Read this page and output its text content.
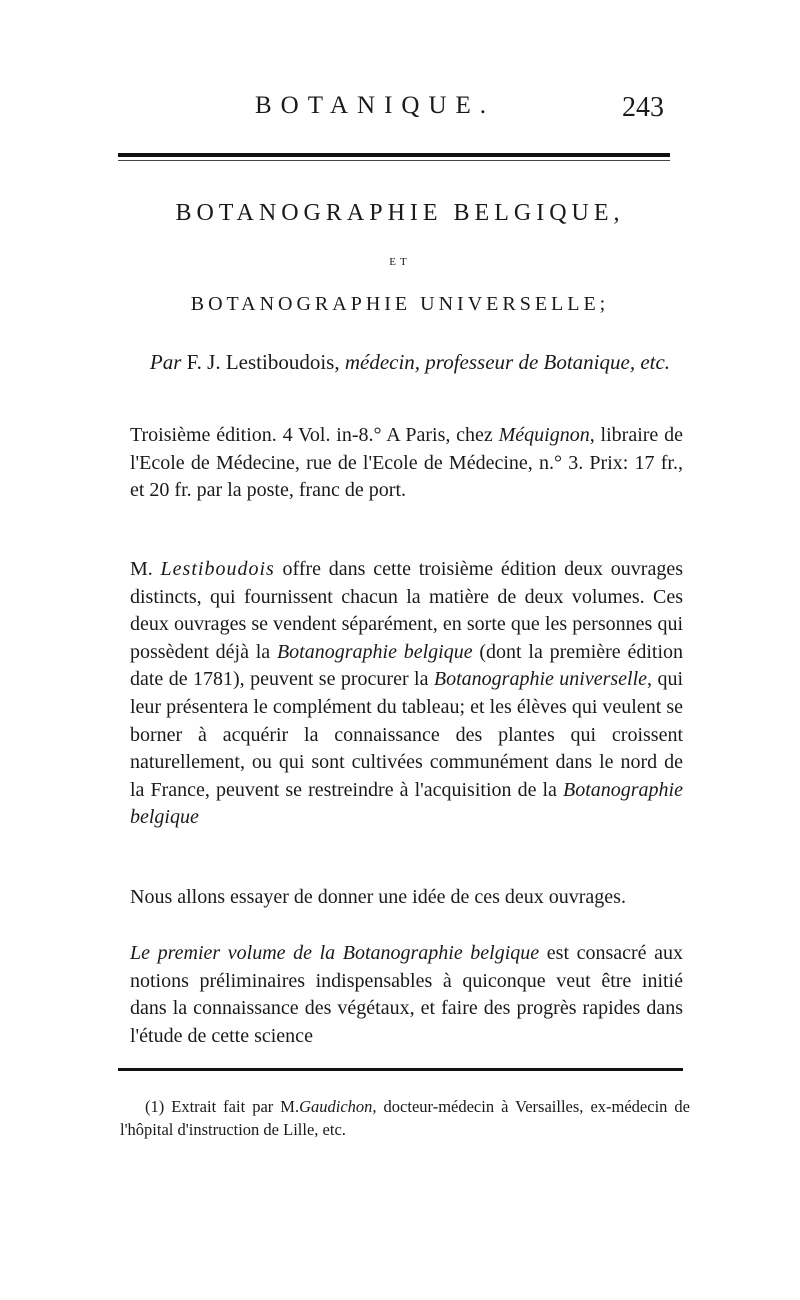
BOTANIQUE.	243
BOTANOGRAPHIE BELGIQUE,
ET
BOTANOGRAPHIE UNIVERSELLE;
Par F. J. Lestiboudois, médecin, professeur de Botanique, etc.
Troisième édition. 4 Vol. in-8.° A Paris, chez Méquignon, libraire de l'Ecole de Médecine, rue de l'Ecole de Médecine, n.° 3. Prix: 17 fr., et 20 fr. par la poste, franc de port.
M. Lestiboudois offre dans cette troisième édition deux ouvrages distincts, qui fournissent chacun la matière de deux volumes. Ces deux ouvrages se vendent séparément, en sorte que les personnes qui possèdent déjà la Botanographie belgique (dont la première édition date de 1781), peuvent se procurer la Botanographie universelle, qui leur présentera le complément du tableau; et les élèves qui veulent se borner à acquérir la connaissance des plantes qui croissent naturellement, ou qui sont cultivées communément dans le nord de la France, peuvent se restreindre à l'acquisition de la Botanographie belgique
Nous allons essayer de donner une idée de ces deux ouvrages.
Le premier volume de la Botanographie belgique est consacré aux notions préliminaires indispensables à quiconque veut être initié dans la connaissance des végétaux, et faire des progrès rapides dans l'étude de cette science
(1) Extrait fait par M.Gaudichon, docteur-médecin à Versailles, ex-médecin de l'hôpital d'instruction de Lille, etc.
